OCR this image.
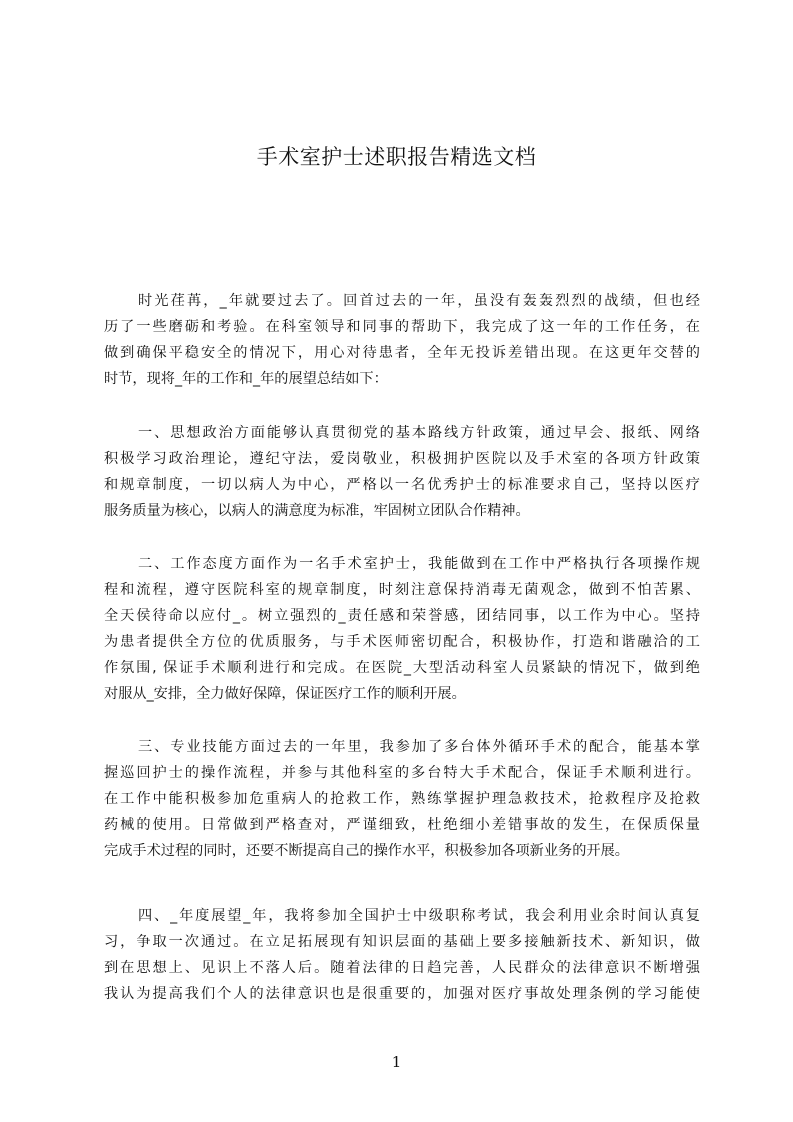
手术室护士述职报告精选文档
时光荏苒，_年就要过去了。回首过去的一年，虽没有轰轰烈烈的战绩，但也经
历了一些磨砺和考验。在科室领导和同事的帮助下，我完成了这一年的工作任务，在
做到确保平稳安全的情况下，用心对待患者，全年无投诉差错出现。在这更年交替的
时节，现将_年的工作和_年的展望总结如下：
一、思想政治方面能够认真贯彻党的基本路线方针政策，通过早会、报纸、网络
积极学习政治理论，遵纪守法，爱岗敬业，积极拥护医院以及手术室的各项方针政策
和规章制度，一切以病人为中心，严格以一名优秀护士的标准要求自己，坚持以医疗
服务质量为核心，以病人的满意度为标准，牢固树立团队合作精神。
二、工作态度方面作为一名手术室护士，我能做到在工作中严格执行各项操作规
程和流程，遵守医院科室的规章制度，时刻注意保持消毒无菌观念，做到不怕苦累、
全天侯待命以应付_。树立强烈的_责任感和荣誉感，团结同事，以工作为中心。坚持
为患者提供全方位的优质服务，与手术医师密切配合，积极协作，打造和谐融洽的工
作氛围, 保证手术顺利进行和完成。在医院_大型活动科室人员紧缺的情况下，做到绝
对服从_安排，全力做好保障，保证医疗工作的顺利开展。
三、专业技能方面过去的一年里，我参加了多台体外循环手术的配合，能基本掌
握巡回护士的操作流程，并参与其他科室的多台特大手术配合，保证手术顺利进行。
在工作中能积极参加危重病人的抢救工作，熟练掌握护理急救技术，抢救程序及抢救
药械的使用。日常做到严格查对，严谨细致，杜绝细小差错事故的发生，在保质保量
完成手术过程的同时，还要不断提高自己的操作水平，积极参加各项新业务的开展。
四、_年度展望_年，我将参加全国护士中级职称考试，我会利用业余时间认真复
习，争取一次通过。在立足拓展现有知识层面的基础上要多接触新技术、新知识，做
到在思想上、见识上不落人后。随着法律的日趋完善，人民群众的法律意识不断增强
我认为提高我们个人的法律意识也是很重要的，加强对医疗事故处理条例的学习能使
1
